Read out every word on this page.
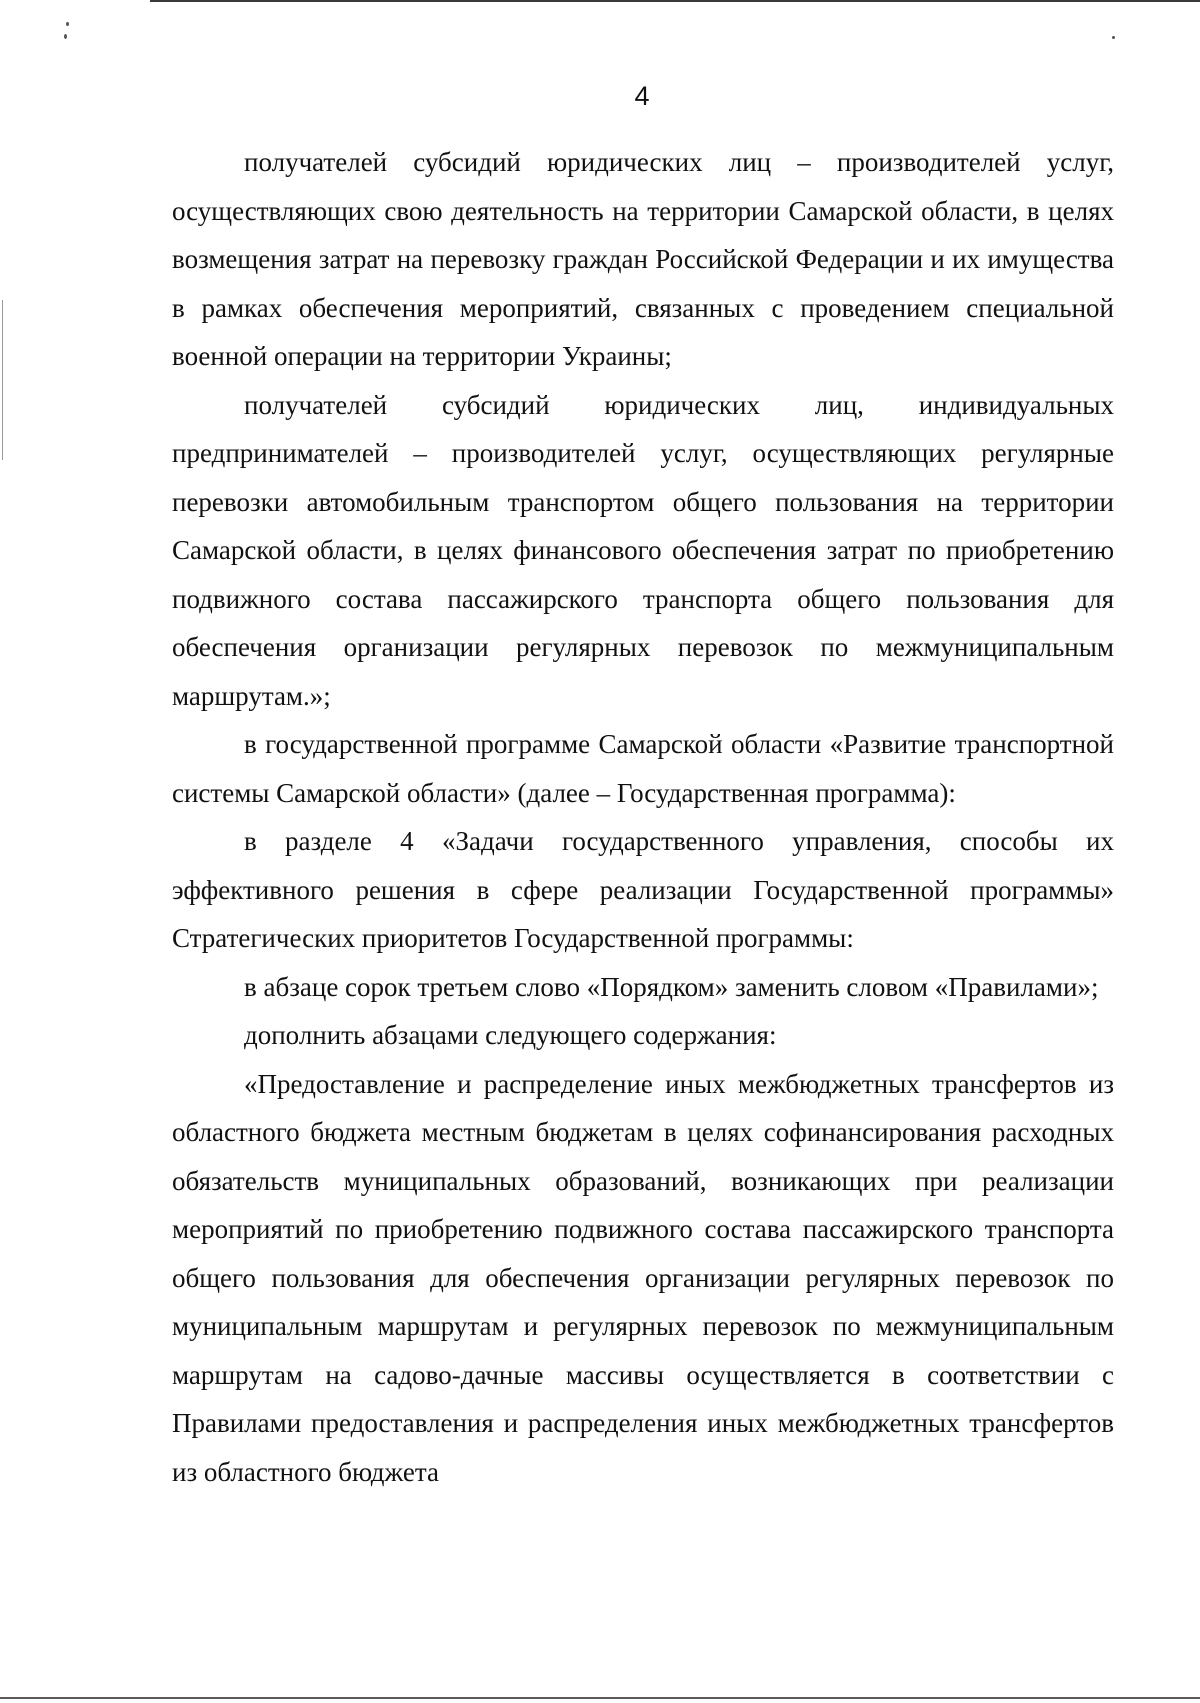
4

получателей субсидий юридических лиц – производителей услуг, осуществляющих свою деятельность на территории Самарской области, в целях возмещения затрат на перевозку граждан Российской Федерации и их имущества в рамках обеспечения мероприятий, связанных с проведением специальной военной операции на территории Украины;

получателей субсидий юридических лиц, индивидуальных предпринимателей – производителей услуг, осуществляющих регулярные перевозки автомобильным транспортом общего пользования на территории Самарской области, в целях финансового обеспечения затрат по приобретению подвижного состава пассажирского транспорта общего пользования для обеспечения организации регулярных перевозок по межмуниципальным маршрутам.»;

в государственной программе Самарской области «Развитие транспортной системы Самарской области» (далее – Государственная программа):

в разделе 4 «Задачи государственного управления, способы их эффективного решения в сфере реализации Государственной программы» Стратегических приоритетов Государственной программы:

в абзаце сорок третьем слово «Порядком» заменить словом «Правилами»;

дополнить абзацами следующего содержания:

«Предоставление и распределение иных межбюджетных трансфертов из областного бюджета местным бюджетам в целях софинансирования расходных обязательств муниципальных образований, возникающих при реализации мероприятий по приобретению подвижного состава пассажирского транспорта общего пользования для обеспечения организации регулярных перевозок по муниципальным маршрутам и регулярных перевозок по межмуниципальным маршрутам на садово-дачные массивы осуществляется в соответствии с Правилами предоставления и распределения иных межбюджетных трансфертов из областного бюджета
